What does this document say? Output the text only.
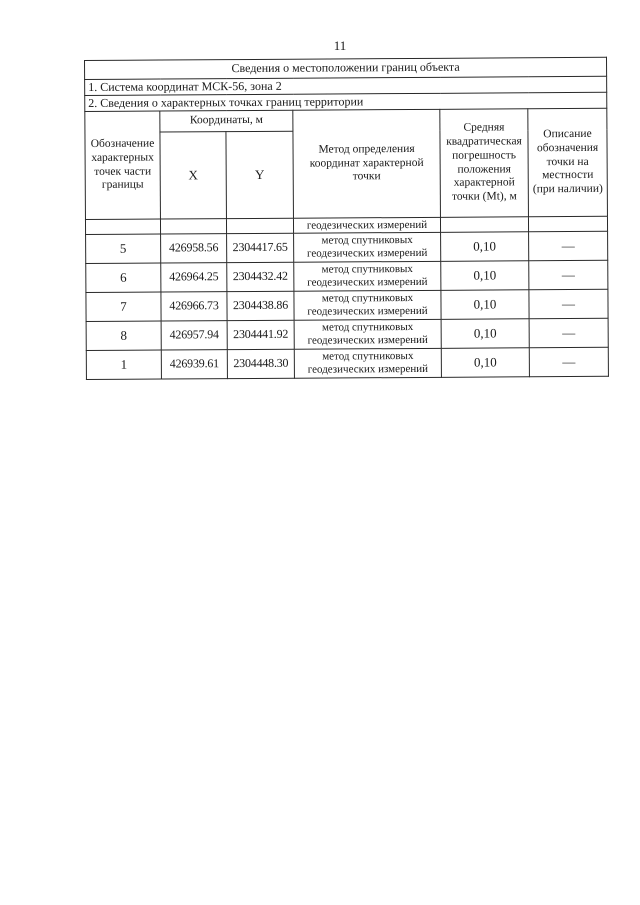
11
Сведения о местоположении границ объекта					
1. Система координат МСК-56, зона 2					
2. Сведения о характерных точках границ территории					
Обозначение характерных точек части границы	Координаты, м		Метод определения координат характерной точки	Средняя квадратическая погрешность положения характерной точки (Mt), м	Описание обозначения точки на местности (при наличии)
	X	Y			
			геодезических измерений		
5	426958.56	2304417.65	метод спутниковых геодезических измерений	0,10	—
6	426964.25	2304432.42	метод спутниковых геодезических измерений	0,10	—
7	426966.73	2304438.86	метод спутниковых геодезических измерений	0,10	—
8	426957.94	2304441.92	метод спутниковых геодезических измерений	0,10	—
1	426939.61	2304448.30	метод спутниковых геодезических измерений	0,10	—
